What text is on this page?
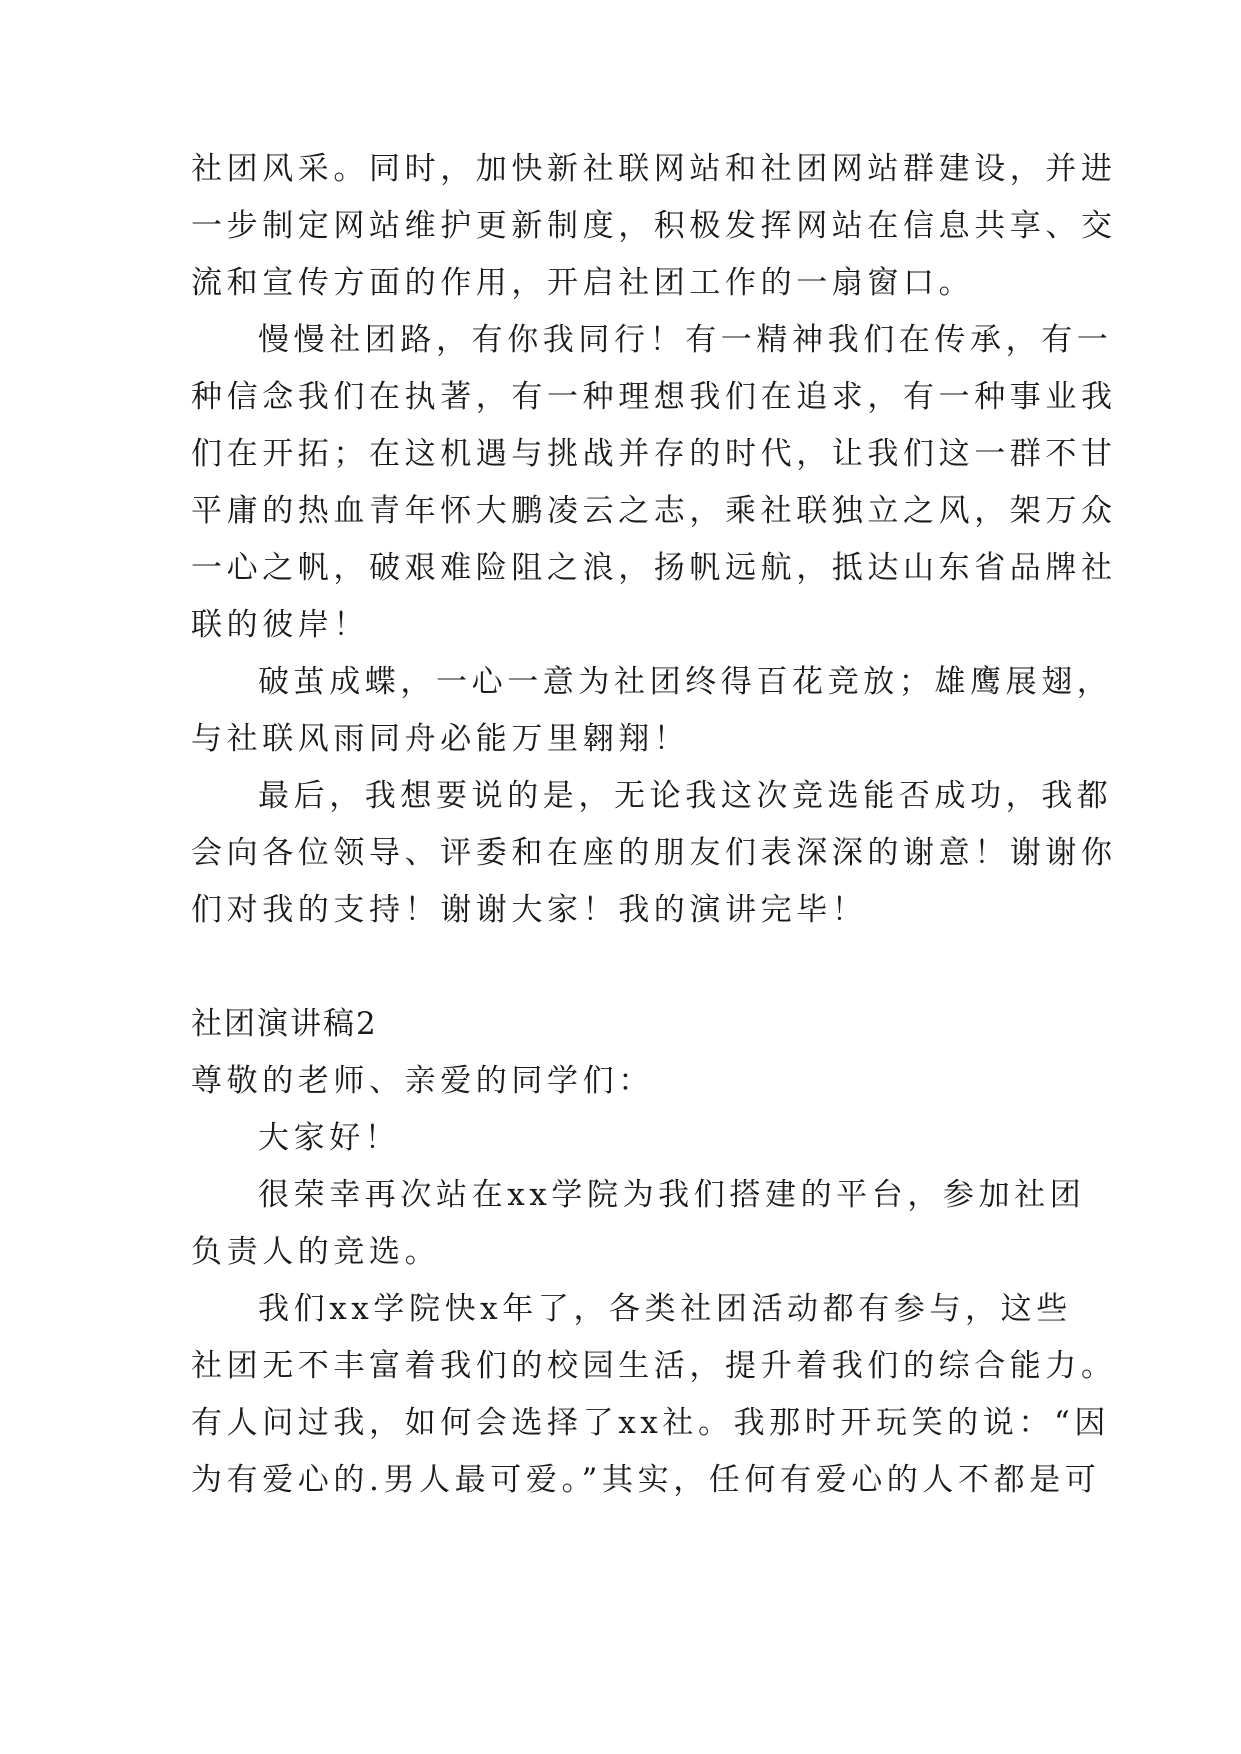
社团风采。同时，加快新社联网站和社团网站群建设，并进
一步制定网站维护更新制度，积极发挥网站在信息共享、交
流和宣传方面的作用，开启社团工作的一扇窗口。
慢慢社团路，有你我同行！有一精神我们在传承，有一
种信念我们在执著，有一种理想我们在追求，有一种事业我
们在开拓；在这机遇与挑战并存的时代，让我们这一群不甘
平庸的热血青年怀大鹏凌云之志，乘社联独立之风，架万众
一心之帆，破艰难险阻之浪，扬帆远航，抵达山东省品牌社
联的彼岸！
破茧成蝶，一心一意为社团终得百花竞放；雄鹰展翅，
与社联风雨同舟必能万里翱翔！
最后，我想要说的是，无论我这次竞选能否成功，我都
会向各位领导、评委和在座的朋友们表深深的谢意！谢谢你
们对我的支持！谢谢大家！我的演讲完毕！
社团演讲稿2
尊敬的老师、亲爱的同学们：
大家好！
很荣幸再次站在xx学院为我们搭建的平台，参加社团
负责人的竞选。
我们xx学院快x年了，各类社团活动都有参与，这些
社团无不丰富着我们的校园生活，提升着我们的综合能力。
有人问过我，如何会选择了xx社。我那时开玩笑的说：“因
为有爱心的.男人最可爱。”其实，任何有爱心的人不都是可
